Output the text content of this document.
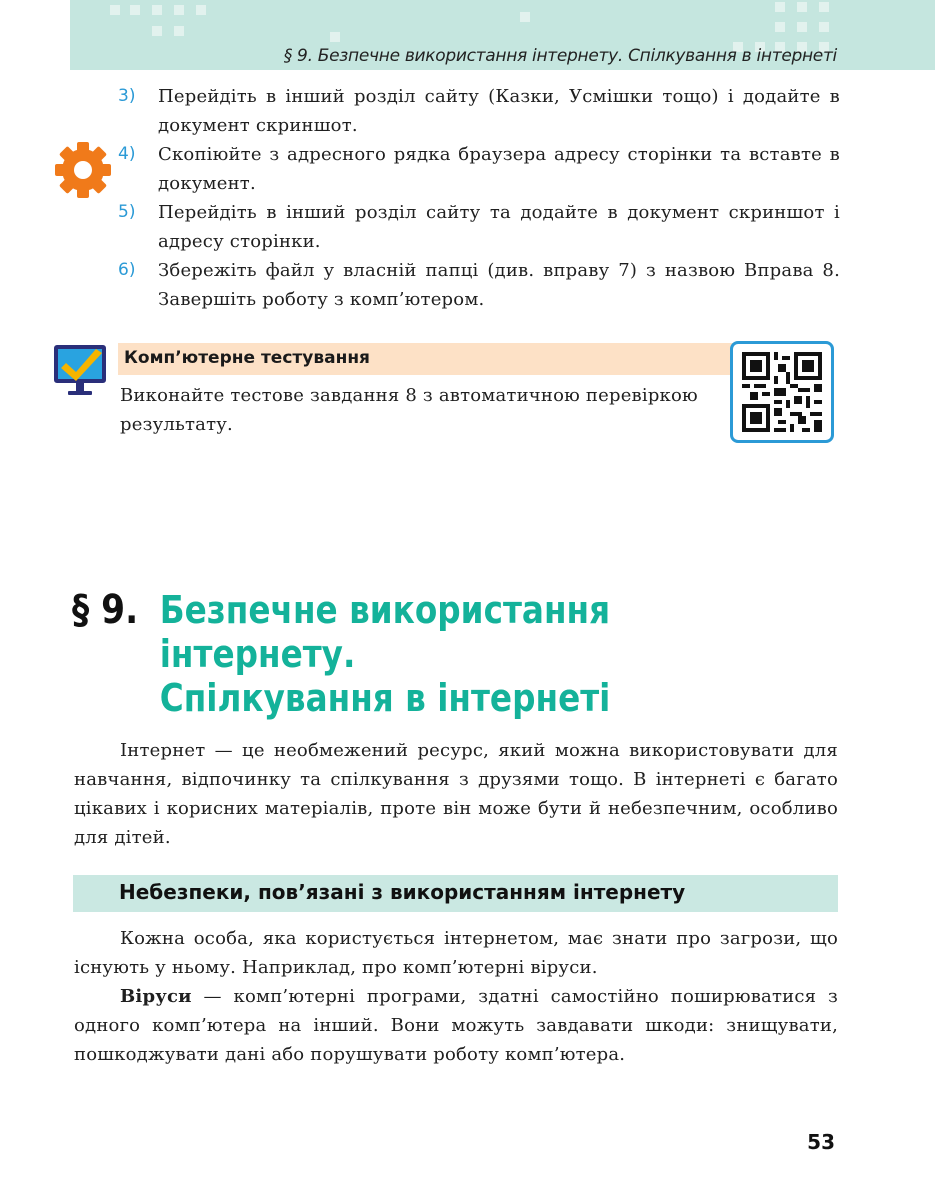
§ 9. Безпечне використання інтернету. Спілкування в інтернеті
3)	Перейдіть в інший розділ сайту (Казки, Усмішки тощо) і додайте в документ скриншот.
4)	Скопіюйте з адресного рядка браузера адресу сторінки та вставте в документ.
5)	Перейдіть в інший розділ сайту та додайте в документ скриншот і адресу сторінки.
6)	Збережіть файл у власній папці (див. вправу 7) з назвою Вправа 8. Завершіть роботу з комп’ютером.
Комп’ютерне тестування
Виконайте тестове завдання 8 з автоматичною перевіркою результату.
§ 9. Безпечне використання інтернету.
Спілкування в інтернеті
Інтернет — це необмежений ресурс, який можна використовувати для навчання, відпочинку та спілкування з друзями тощо. В інтернеті є багато цікавих і корисних матеріалів, проте він може бути й небезпечним, особливо для дітей.
Небезпеки, пов’язані з використанням інтернету
Кожна особа, яка користується інтернетом, має знати про загрози, що існують у ньому. Наприклад, про комп’ютерні віруси.
Віруси — комп’ютерні програми, здатні самостійно поширюватися з одного комп’ютера на інший. Вони можуть завдавати шкоди: знищувати, пошкоджувати дані або порушувати роботу комп’ютера.
53
